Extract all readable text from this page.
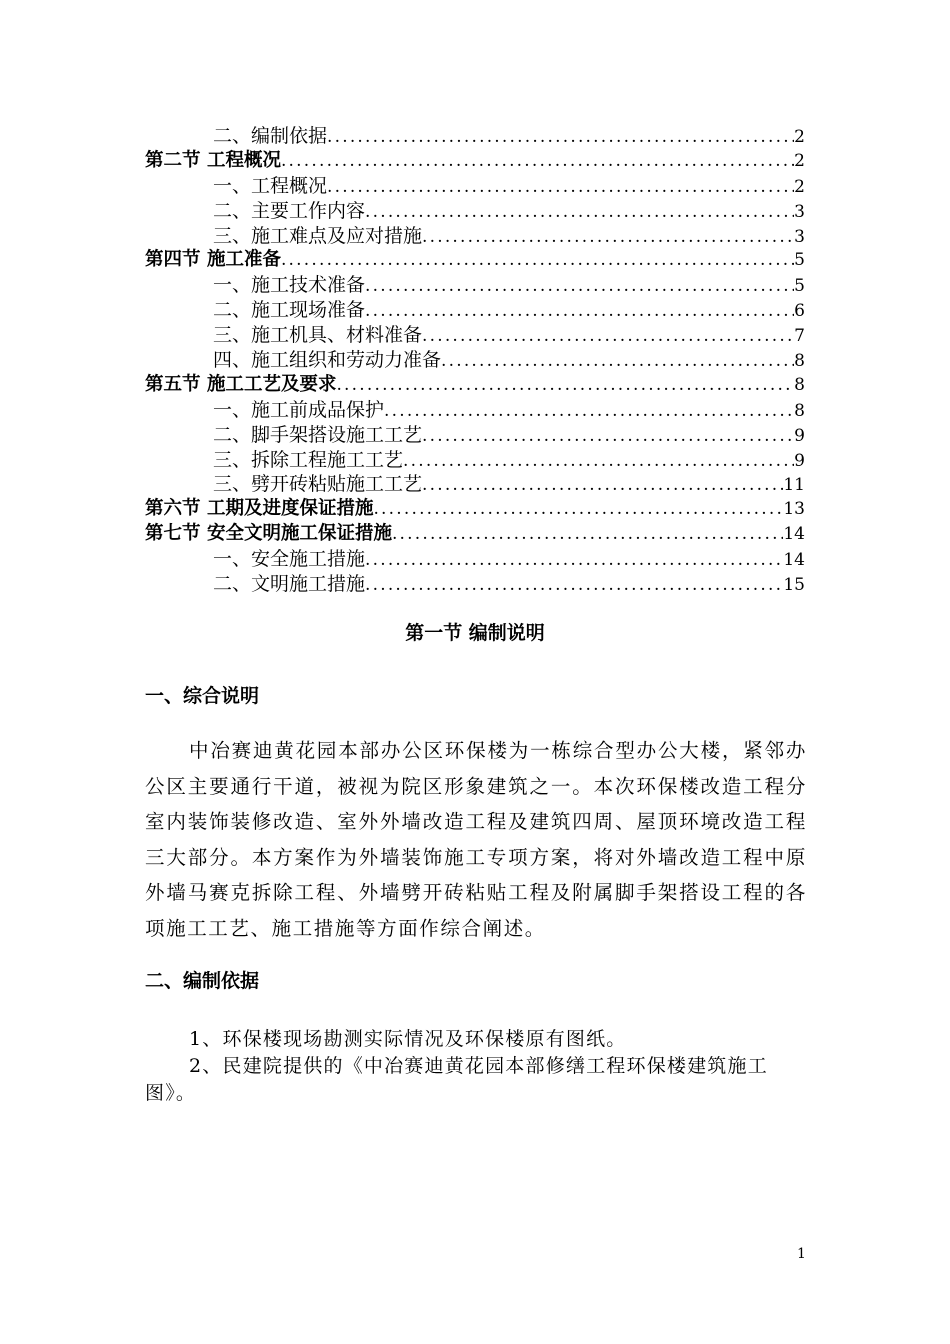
二、编制依据 .....	2
第二节 工程概况 .....	2
一、工程概况 .....	2
二、主要工作内容 .....	3
三、施工难点及应对措施 .....	3
第四节 施工准备 .....	5
一、施工技术准备 .....	5
二、施工现场准备 .....	6
三、施工机具、材料准备 .....	7
四、施工组织和劳动力准备 .....	8
第五节 施工工艺及要求 .....	8
一、施工前成品保护 .....	8
二、脚手架搭设施工工艺 .....	9
三、拆除工程施工工艺 .....	9
三、劈开砖粘贴施工工艺 .....	11
第六节 工期及进度保证措施 .....	13
第七节 安全文明施工保证措施 .....	14
一、安全施工措施 .....	14
二、文明施工措施 .....	15
第一节 编制说明
一、综合说明
中冶赛迪黄花园本部办公区环保楼为一栋综合型办公大楼，紧邻办公区主要通行干道，被视为院区形象建筑之一。本次环保楼改造工程分室内装饰装修改造、室外外墙改造工程及建筑四周、屋顶环境改造工程三大部分。本方案作为外墙装饰施工专项方案，将对外墙改造工程中原外墙马赛克拆除工程、外墙劈开砖粘贴工程及附属脚手架搭设工程的各项施工工艺、施工措施等方面作综合阐述。
二、编制依据
1、环保楼现场勘测实际情况及环保楼原有图纸。
2、民建院提供的《中冶赛迪黄花园本部修缮工程环保楼建筑施工图》。
1
